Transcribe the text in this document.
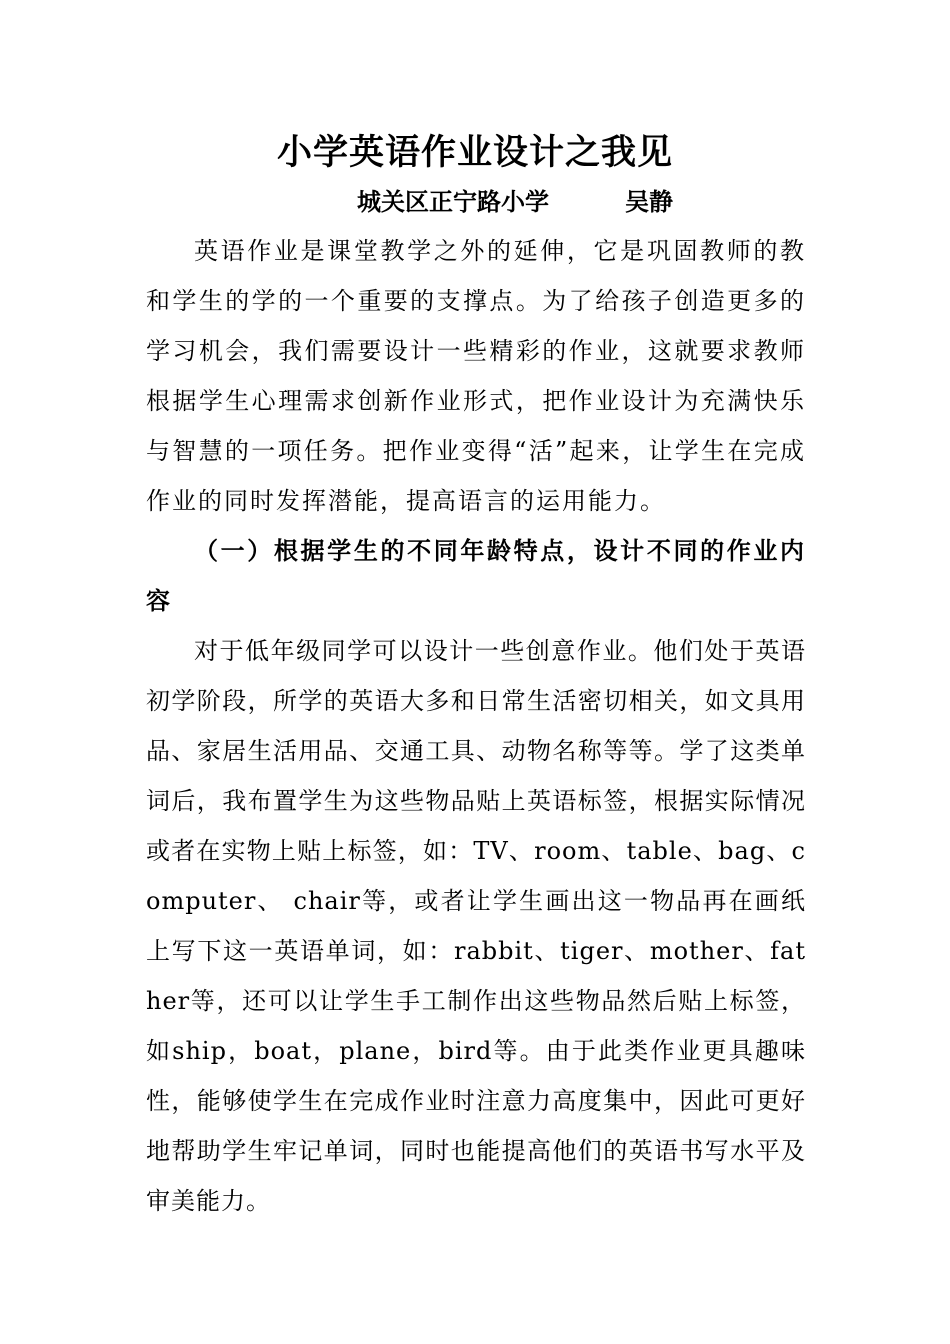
小学英语作业设计之我见
城关区正宁路小学	吴静

英语作业是课堂教学之外的延伸，它是巩固教师的教和学生的学的一个重要的支撑点。为了给孩子创造更多的学习机会，我们需要设计一些精彩的作业，这就要求教师根据学生心理需求创新作业形式，把作业设计为充满快乐与智慧的一项任务。把作业变得“活”起来，让学生在完成作业的同时发挥潜能，提高语言的运用能力。

（一）根据学生的不同年龄特点，设计不同的作业内容

对于低年级同学可以设计一些创意作业。他们处于英语初学阶段，所学的英语大多和日常生活密切相关，如文具用品、家居生活用品、交通工具、动物名称等等。学了这类单词后，我布置学生为这些物品贴上英语标签，根据实际情况或者在实物上贴上标签，如：TV、room、table、bag、computer、 chair等，或者让学生画出这一物品再在画纸上写下这一英语单词，如：rabbit、tiger、mother、father等，还可以让学生手工制作出这些物品然后贴上标签，如ship，boat，plane，bird等。由于此类作业更具趣味性，能够使学生在完成作业时注意力高度集中，因此可更好地帮助学生牢记单词，同时也能提高他们的英语书写水平及审美能力。
